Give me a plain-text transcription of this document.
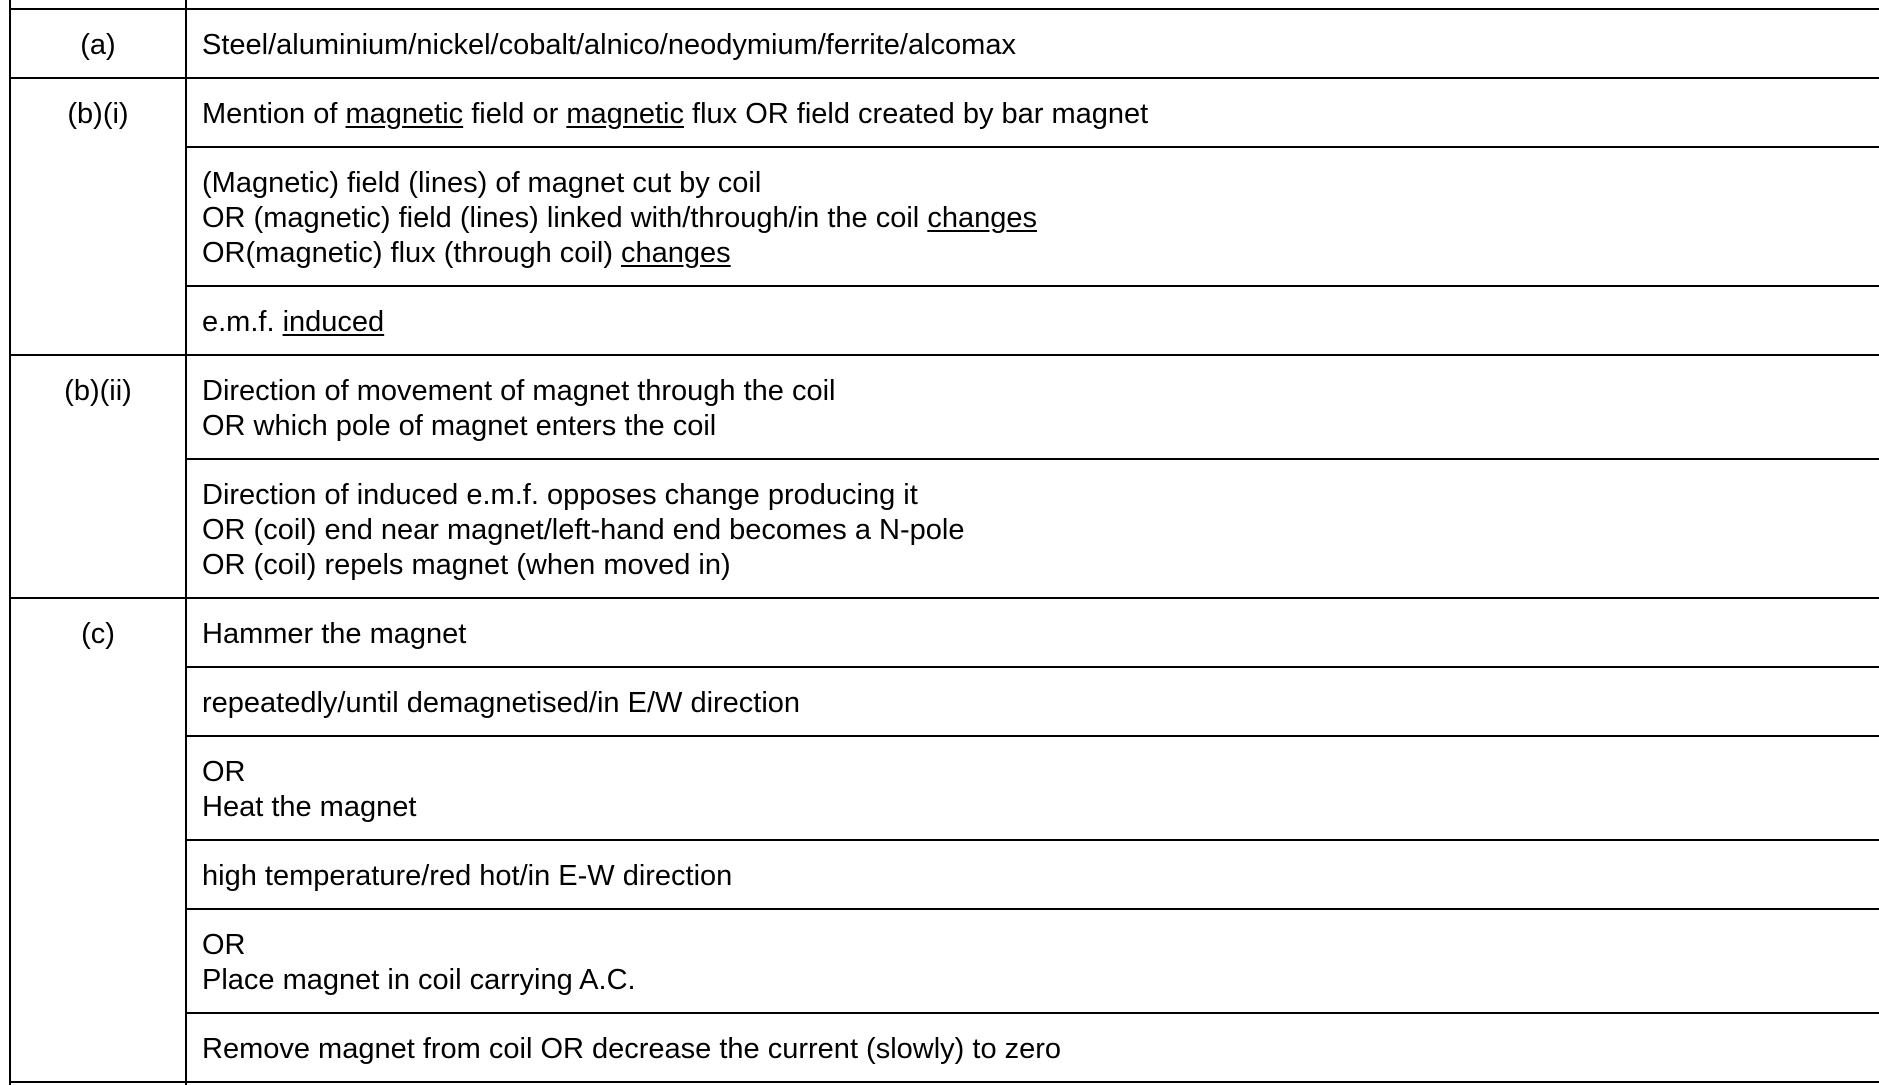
(a)	Steel/aluminium/nickel/cobalt/alnico/neodymium/ferrite/alcomax

(b)(i)	Mention of magnetic field or magnetic flux OR field created by bar magnet

	(Magnetic) field (lines) of magnet cut by coil
OR (magnetic) field (lines) linked with/through/in the coil changes
OR(magnetic) flux (through coil) changes

	e.m.f. induced

(b)(ii)	Direction of movement of magnet through the coil
OR which pole of magnet enters the coil

	Direction of induced e.m.f. opposes change producing it
OR (coil) end near magnet/left-hand end becomes a N-pole
OR (coil) repels magnet (when moved in)

(c)	Hammer the magnet

	repeatedly/until demagnetised/in E/W direction

	OR
Heat the magnet

	high temperature/red hot/in E-W direction

	OR
Place magnet in coil carrying A.C.

	Remove magnet from coil OR decrease the current (slowly) to zero
